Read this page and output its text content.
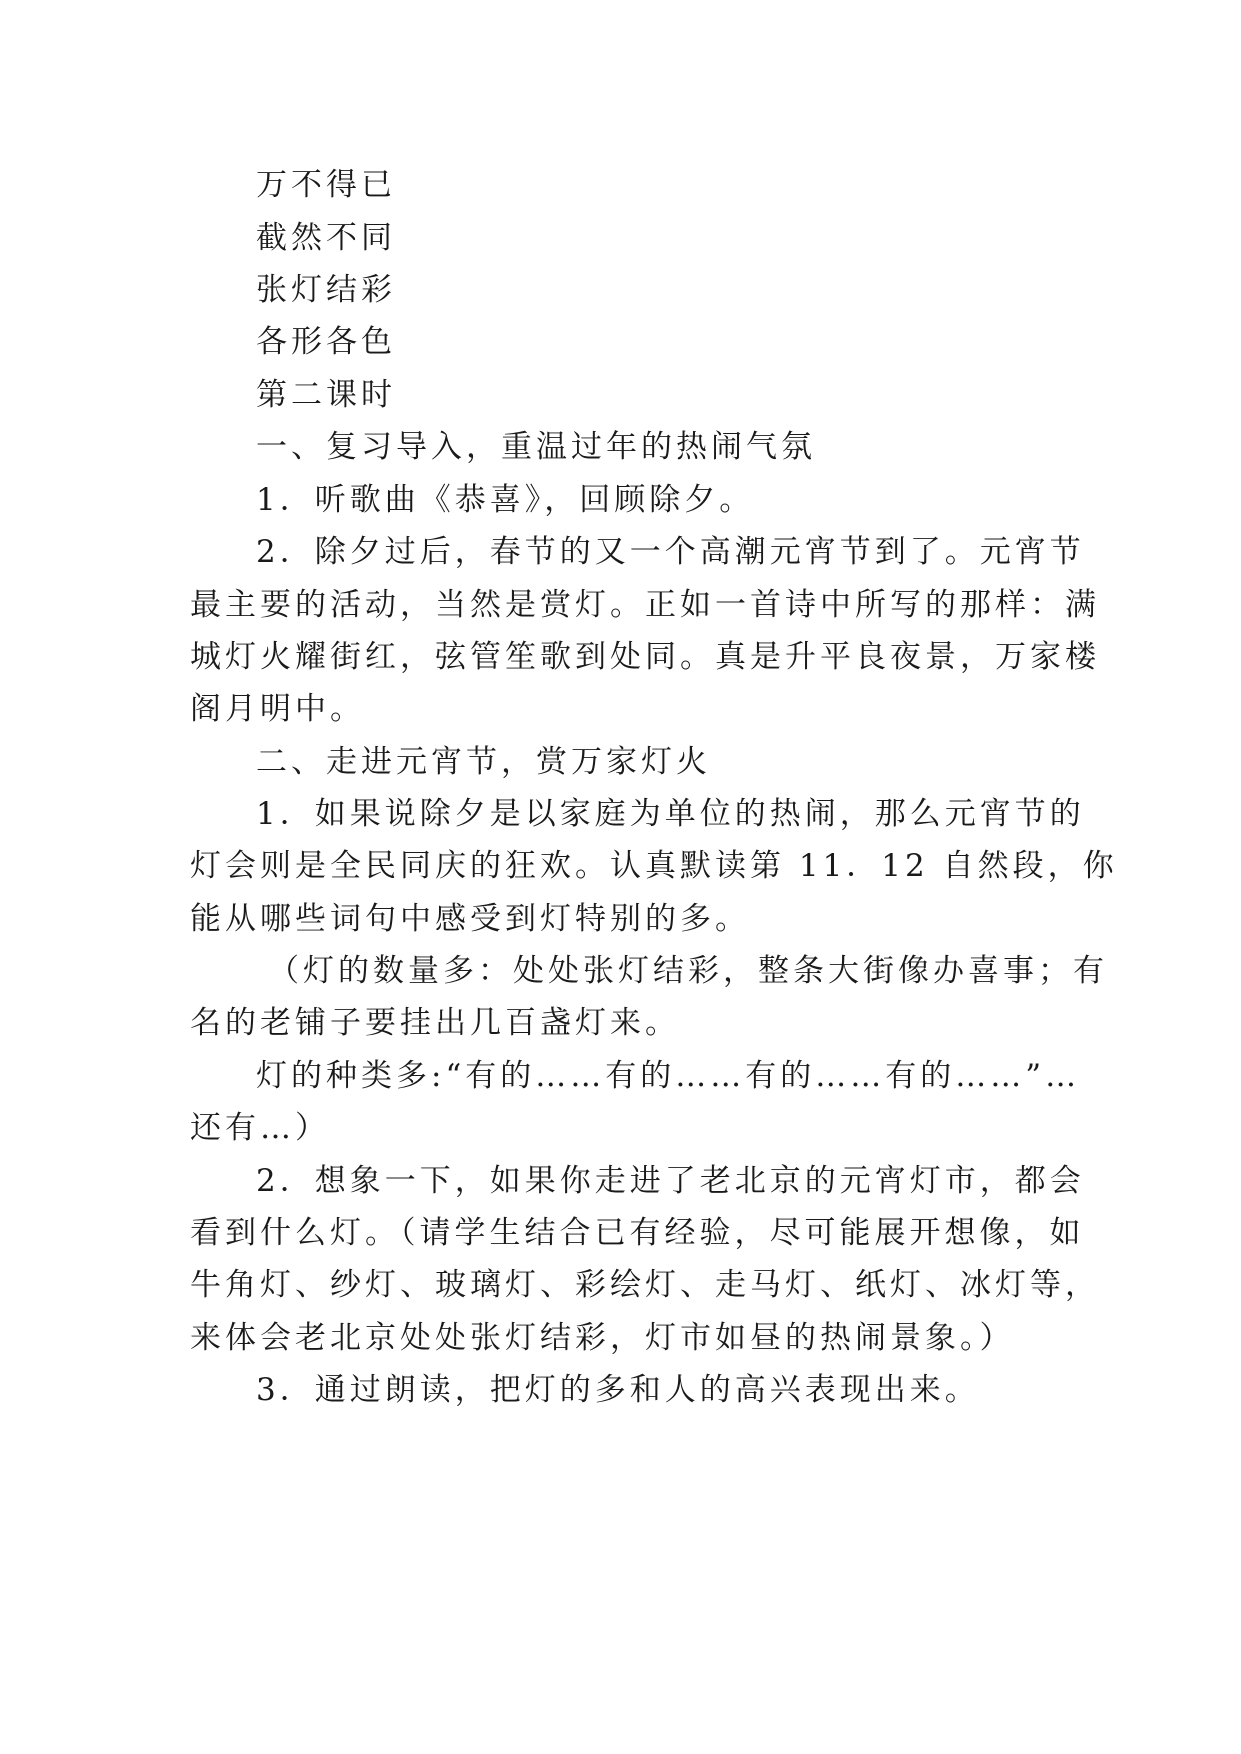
万不得已
截然不同
张灯结彩
各形各色
第二课时
一、复习导入，重温过年的热闹气氛
1．听歌曲《恭喜》，回顾除夕。
2．除夕过后，春节的又一个高潮元宵节到了。元宵节
最主要的活动，当然是赏灯。正如一首诗中所写的那样：满
城灯火耀街红，弦管笙歌到处同。真是升平良夜景，万家楼
阁月明中。
二、走进元宵节，赏万家灯火
1．如果说除夕是以家庭为单位的热闹，那么元宵节的
灯会则是全民同庆的狂欢。认真默读第 11．12 自然段，你
能从哪些词句中感受到灯特别的多。
（灯的数量多：处处张灯结彩，整条大街像办喜事；有
名的老铺子要挂出几百盏灯来。
灯的种类多:“有的……有的……有的……有的……”…
还有…）
2．想象一下，如果你走进了老北京的元宵灯市，都会
看到什么灯。（请学生结合已有经验，尽可能展开想像，如
牛角灯、纱灯、玻璃灯、彩绘灯、走马灯、纸灯、冰灯等，
来体会老北京处处张灯结彩，灯市如昼的热闹景象。）
3．通过朗读，把灯的多和人的高兴表现出来。
